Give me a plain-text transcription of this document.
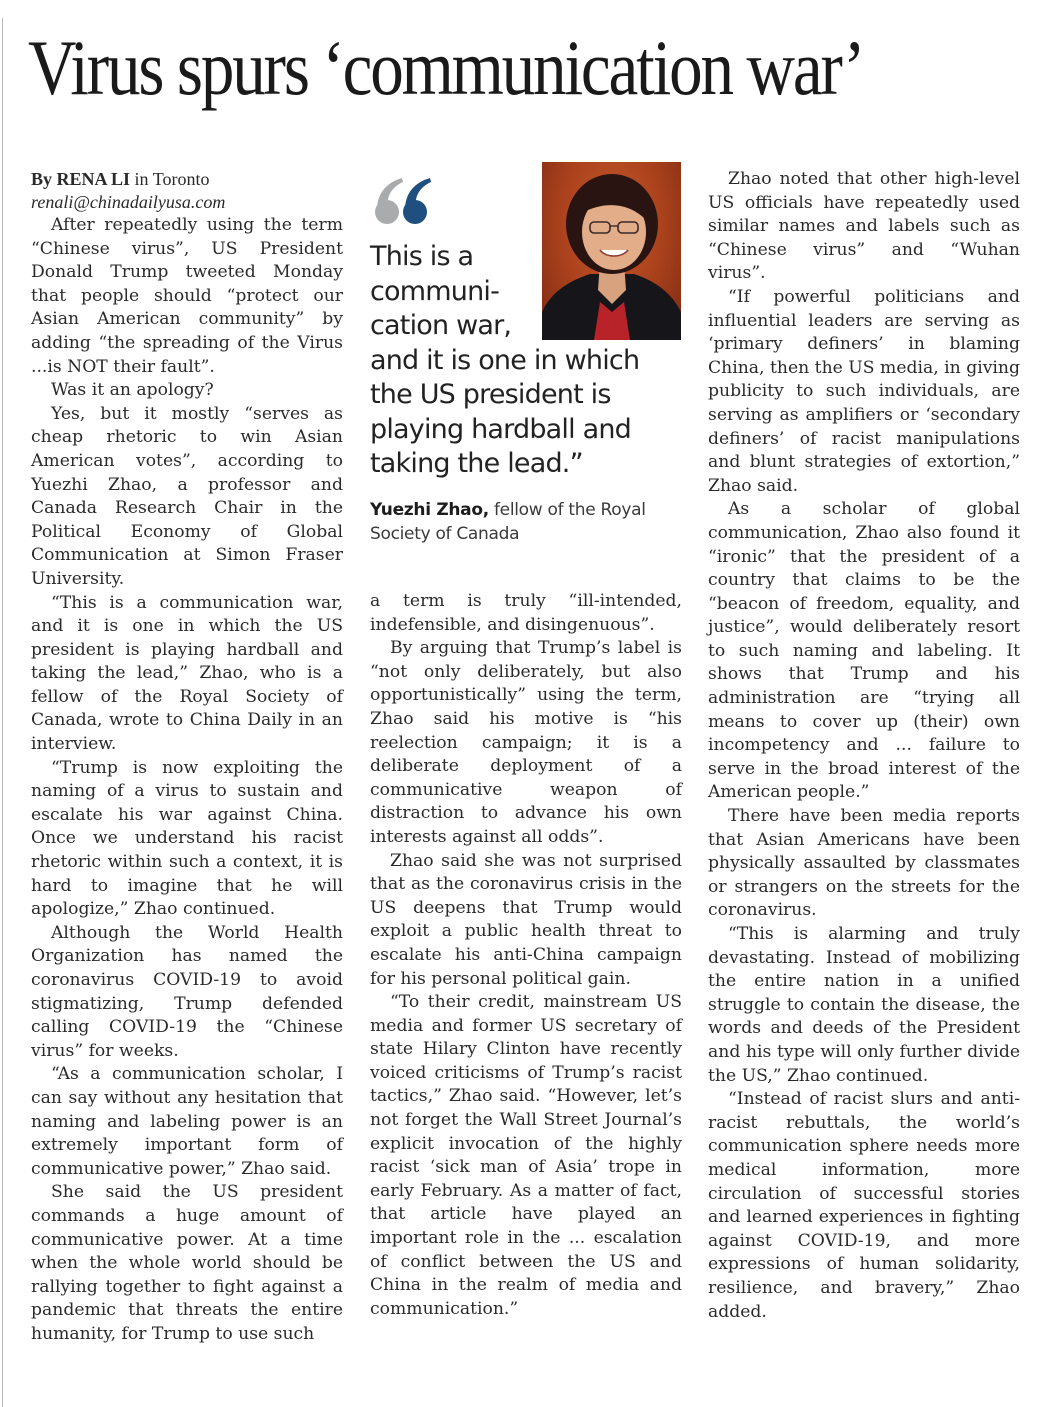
Virus spurs ‘communication war’

By RENA LI in Toronto
renali@chinadailyusa.com

After repeatedly using the term “Chinese virus”, US President Donald Trump tweeted Monday that people should “protect our Asian American community” by adding “the spreading of the Virus ...is NOT their fault”.

Was it an apology?

Yes, but it mostly “serves as cheap rhetoric to win Asian American votes”, according to Yuezhi Zhao, a professor and Canada Research Chair in the Political Economy of Global Communication at Simon Fraser University.

“This is a communication war, and it is one in which the US president is playing hardball and taking the lead,” Zhao, who is a fellow of the Royal Society of Canada, wrote to China Daily in an interview.

“Trump is now exploiting the naming of a virus to sustain and escalate his war against China. Once we understand his racist rhetoric within such a context, it is hard to imagine that he will apologize,” Zhao continued.

Although the World Health Organization has named the coronavirus COVID-19 to avoid stigmatizing, Trump defended calling COVID-19 the “Chinese virus” for weeks.

“As a communication scholar, I can say without any hesitation that naming and labeling power is an extremely important form of communicative power,” Zhao said.

She said the US president commands a huge amount of communicative power. At a time when the whole world should be rallying together to fight against a pandemic that threats the entire humanity, for Trump to use such

This is a
communi-
cation war,
and it is one in which
the US president is
playing hardball and
taking the lead.”
Yuezhi Zhao, fellow of the Royal Society of Canada

a term is truly “ill-intended, indefensible, and disingenuous”.

By arguing that Trump’s label is “not only deliberately, but also opportunistically” using the term, Zhao said his motive is “his reelection campaign; it is a deliberate deployment of a communicative weapon of distraction to advance his own interests against all odds”.

Zhao said she was not surprised that as the coronavirus crisis in the US deepens that Trump would exploit a public health threat to escalate his anti-China campaign for his personal political gain.

“To their credit, mainstream US media and former US secretary of state Hilary Clinton have recently voiced criticisms of Trump’s racist tactics,” Zhao said. “However, let’s not forget the Wall Street Journal’s explicit invocation of the highly racist ‘sick man of Asia’ trope in early February. As a matter of fact, that article have played an important role in the ... escalation of conflict between the US and China in the realm of media and communication.”

Zhao noted that other high-level US officials have repeatedly used similar names and labels such as “Chinese virus” and “Wuhan virus”.

“If powerful politicians and influential leaders are serving as ‘primary definers’ in blaming China, then the US media, in giving publicity to such individuals, are serving as amplifiers or ‘secondary definers’ of racist manipulations and blunt strategies of extortion,” Zhao said.

As a scholar of global communication, Zhao also found it “ironic” that the president of a country that claims to be the “beacon of freedom, equality, and justice”, would deliberately resort to such naming and labeling. It shows that Trump and his administration are “trying all means to cover up (their) own incompetency and ... failure to serve in the broad interest of the American people.”

There have been media reports that Asian Americans have been physically assaulted by classmates or strangers on the streets for the coronavirus.

“This is alarming and truly devastating. Instead of mobilizing the entire nation in a unified struggle to contain the disease, the words and deeds of the President and his type will only further divide the US,” Zhao continued.

“Instead of racist slurs and anti-racist rebuttals, the world’s communication sphere needs more medical information, more circulation of successful stories and learned experiences in fighting against COVID-19, and more expressions of human solidarity, resilience, and bravery,” Zhao added.
